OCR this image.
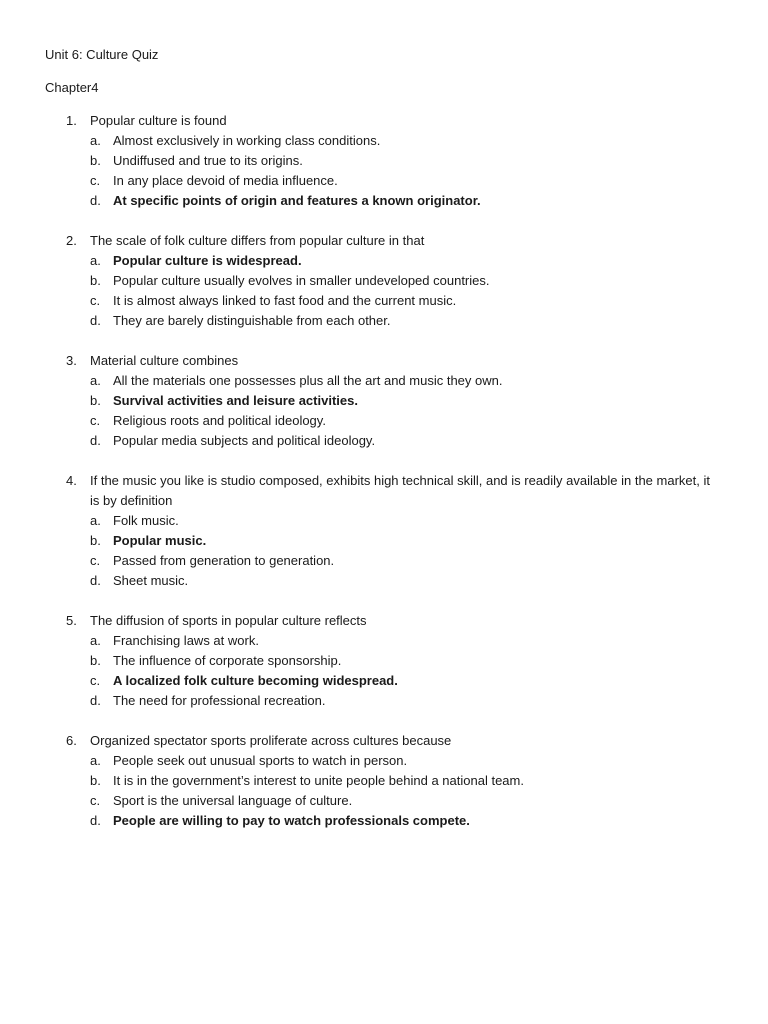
Unit 6: Culture Quiz
Chapter4
1. Popular culture is found
a. Almost exclusively in working class conditions.
b. Undiffused and true to its origins.
c. In any place devoid of media influence.
d. At specific points of origin and features a known originator.
2. The scale of folk culture differs from popular culture in that
a. Popular culture is widespread.
b. Popular culture usually evolves in smaller undeveloped countries.
c. It is almost always linked to fast food and the current music.
d. They are barely distinguishable from each other.
3. Material culture combines
a. All the materials one possesses plus all the art and music they own.
b. Survival activities and leisure activities.
c. Religious roots and political ideology.
d. Popular media subjects and political ideology.
4. If the music you like is studio composed, exhibits high technical skill, and is readily available in the market, it is by definition
a. Folk music.
b. Popular music.
c. Passed from generation to generation.
d. Sheet music.
5. The diffusion of sports in popular culture reflects
a. Franchising laws at work.
b. The influence of corporate sponsorship.
c. A localized folk culture becoming widespread.
d. The need for professional recreation.
6. Organized spectator sports proliferate across cultures because
a. People seek out unusual sports to watch in person.
b. It is in the government’s interest to unite people behind a national team.
c. Sport is the universal language of culture.
d. People are willing to pay to watch professionals compete.
